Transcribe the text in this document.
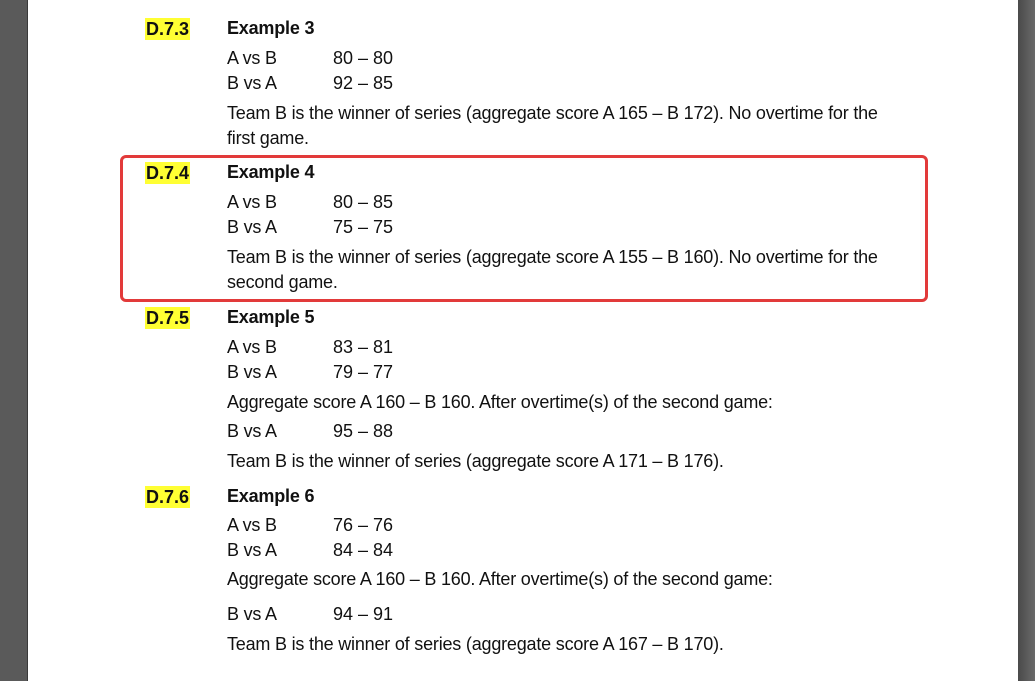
D.7.3 Example 3
A vs B	80 – 80
B vs A	92 – 85
Team B is the winner of series (aggregate score A 165 – B 172). No overtime for the
first game.
D.7.4 Example 4
A vs B	80 – 85
B vs A	75 – 75
Team B is the winner of series (aggregate score A 155 – B 160). No overtime for the
second game.
D.7.5 Example 5
A vs B	83 – 81
B vs A	79 – 77
Aggregate score A 160 – B 160. After overtime(s) of the second game:
B vs A	95 – 88
Team B is the winner of series (aggregate score A 171 – B 176).
D.7.6 Example 6
A vs B	76 – 76
B vs A	84 – 84
Aggregate score A 160 – B 160. After overtime(s) of the second game:
B vs A	94 – 91
Team B is the winner of series (aggregate score A 167 – B 170).
